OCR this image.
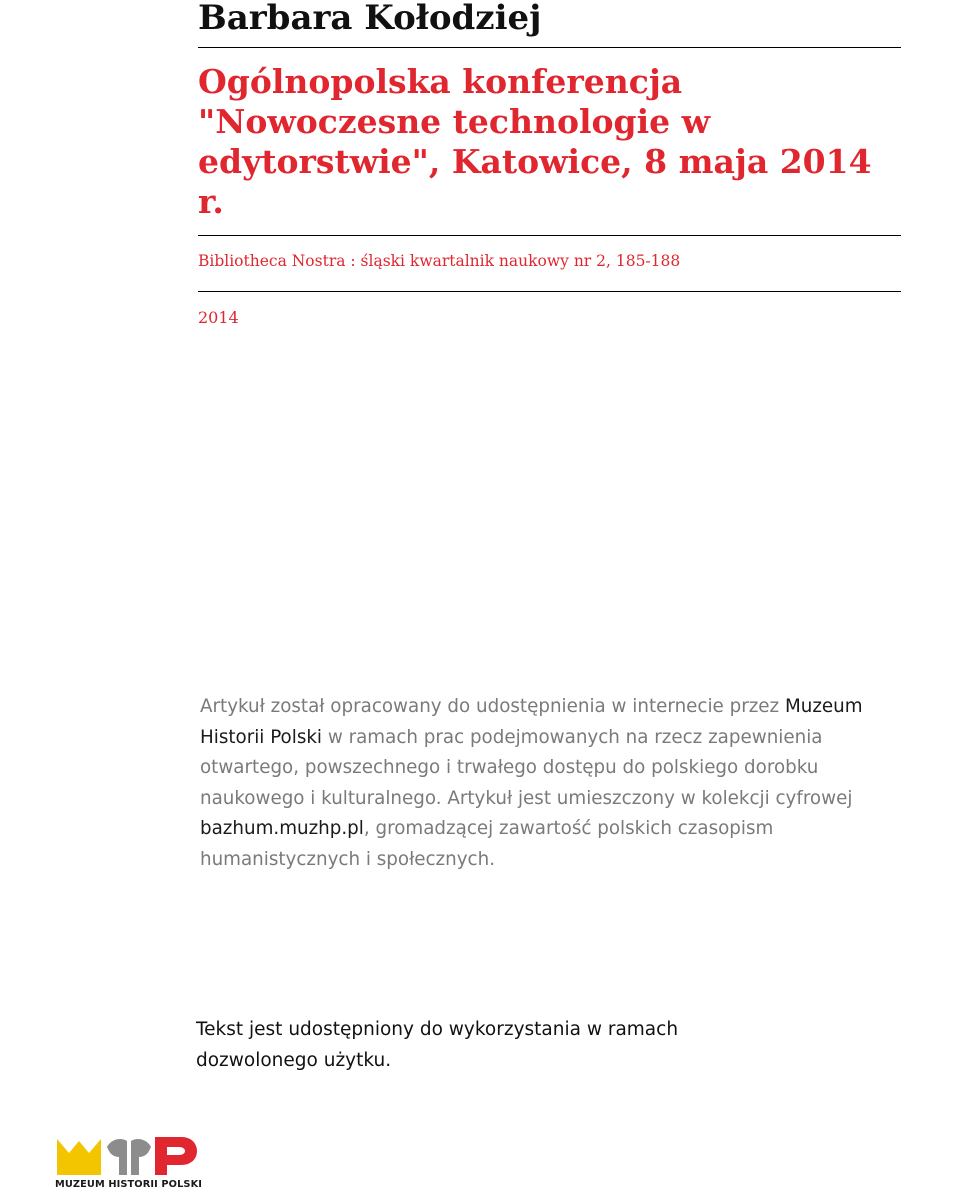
Barbara Kołodziej
Ogólnopolska konferencja "Nowoczesne technologie w edytorstwie", Katowice, 8 maja 2014 r.
Bibliotheca Nostra : śląski kwartalnik naukowy nr 2, 185-188
2014

Artykuł został opracowany do udostępnienia w internecie przez Muzeum Historii Polski w ramach prac podejmowanych na rzecz zapewnienia otwartego, powszechnego i trwałego dostępu do polskiego dorobku naukowego i kulturalnego. Artykuł jest umieszczony w kolekcji cyfrowej bazhum.muzhp.pl, gromadzącej zawartość polskich czasopism humanistycznych i społecznych.

Tekst jest udostępniony do wykorzystania w ramach dozwolonego użytku.

MUZEUM HISTORII POLSKI
